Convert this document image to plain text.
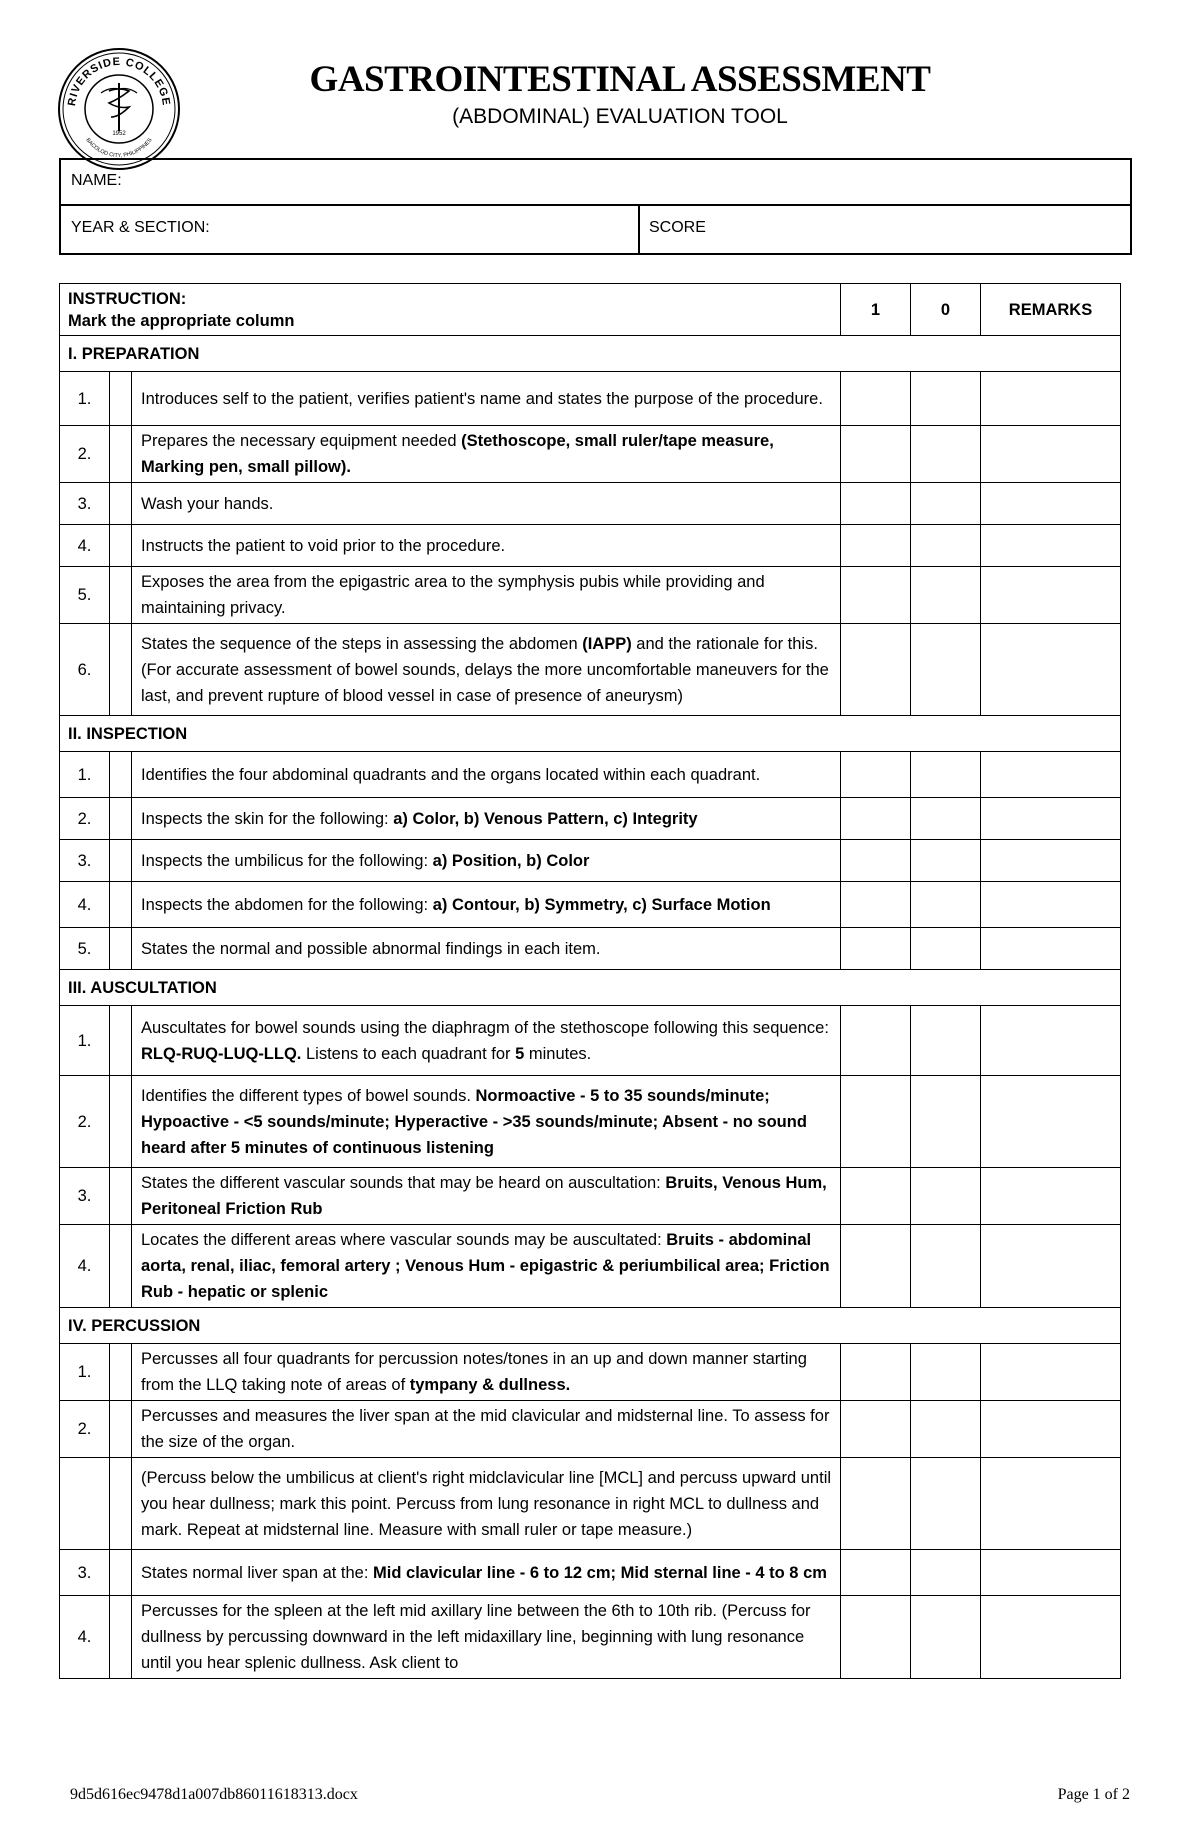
RIVERSIDE COLLEGE
BACOLOD CITY, PHILIPPINES
1952
GASTROINTESTINAL ASSESSMENT
(ABDOMINAL) EVALUATION TOOL
NAME:
YEAR & SECTION:	SCORE
INSTRUCTION:
Mark the appropriate column			1	0	REMARKS
I. PREPARATION					
1.		Introduces self to the patient, verifies patient's name and states the purpose of the procedure.			
2.		Prepares the necessary equipment needed (Stethoscope, small ruler/tape measure, Marking pen, small pillow).			
3.		Wash your hands.			
4.		Instructs the patient to void prior to the procedure.			
5.		Exposes the area from the epigastric area to the symphysis pubis while providing and maintaining privacy.			
6.		States the sequence of the steps in assessing the abdomen (IAPP) and the rationale for this. (For accurate assessment of bowel sounds, delays the more uncomfortable maneuvers for the last, and prevent rupture of blood vessel in case of presence of aneurysm)			
II. INSPECTION					
1.		Identifies the four abdominal quadrants and the organs located within each quadrant.			
2.		Inspects the skin for the following: a) Color, b) Venous Pattern, c) Integrity			
3.		Inspects the umbilicus for the following: a) Position, b) Color			
4.		Inspects the abdomen for the following: a) Contour, b) Symmetry, c) Surface Motion			
5.		States the normal and possible abnormal findings in each item.			
III. AUSCULTATION					
1.		Auscultates for bowel sounds using the diaphragm of the stethoscope following this sequence: RLQ-RUQ-LUQ-LLQ. Listens to each quadrant for 5 minutes.			
2.		Identifies the different types of bowel sounds. Normoactive - 5 to 35 sounds/minute; Hypoactive - <5 sounds/minute; Hyperactive - >35 sounds/minute; Absent - no sound heard after 5 minutes of continuous listening			
3.		States the different vascular sounds that may be heard on auscultation: Bruits, Venous Hum, Peritoneal Friction Rub			
4.		Locates the different areas where vascular sounds may be auscultated: Bruits - abdominal aorta, renal, iliac, femoral artery ; Venous Hum - epigastric & periumbilical area; Friction Rub - hepatic or splenic			
IV. PERCUSSION					
1.		Percusses all four quadrants for percussion notes/tones in an up and down manner starting from the LLQ taking note of areas of tympany & dullness.			
2.		Percusses and measures the liver span at the mid clavicular and midsternal line. To assess for the size of the organ.			
		(Percuss below the umbilicus at client's right midclavicular line [MCL] and percuss upward until you hear dullness; mark this point. Percuss from lung resonance in right MCL to dullness and mark. Repeat at midsternal line. Measure with small ruler or tape measure.)			
3.		States normal liver span at the: Mid clavicular line - 6 to 12 cm; Mid sternal line - 4 to 8 cm			
4.		Percusses for the spleen at the left mid axillary line between the 6th to 10th rib. (Percuss for dullness by percussing downward in the left midaxillary line, beginning with lung resonance until you hear splenic dullness. Ask client to			
9d5d616ec9478d1a007db86011618313.docx	Page 1 of 2
